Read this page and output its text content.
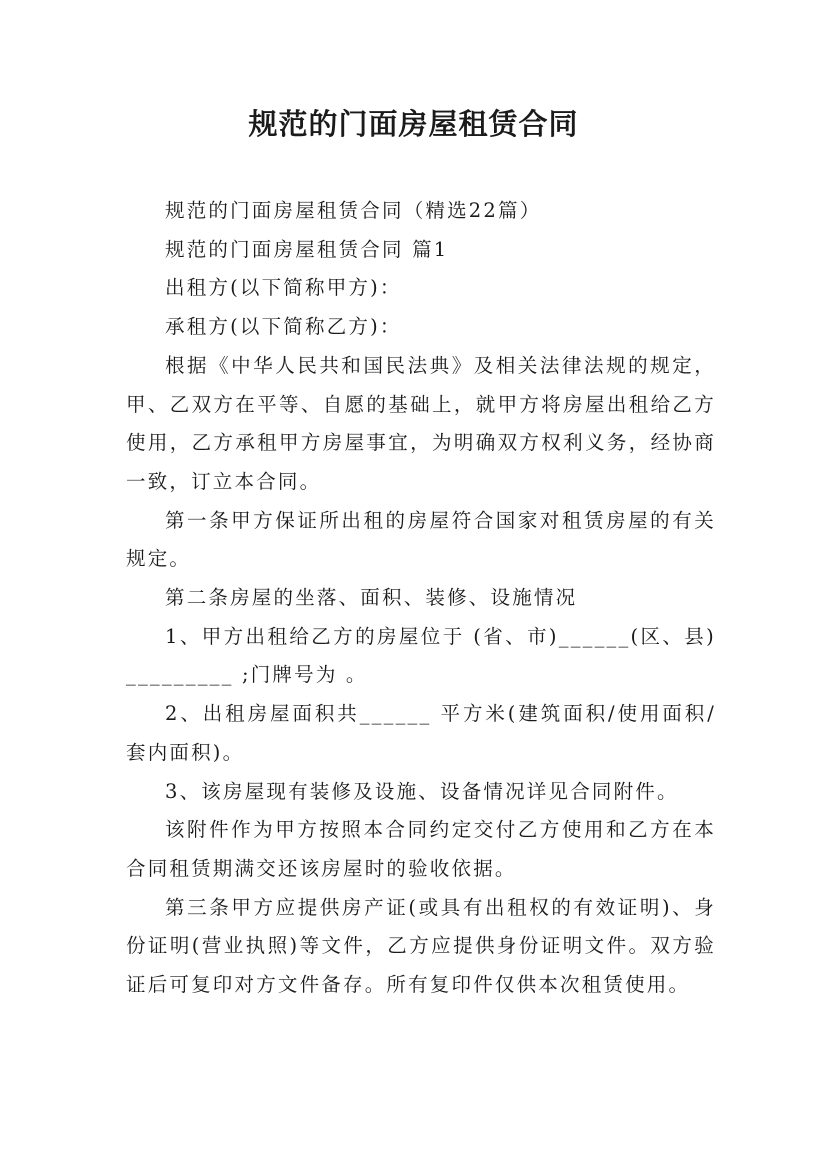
规范的门面房屋租赁合同

规范的门面房屋租赁合同（精选22篇）

规范的门面房屋租赁合同 篇1

出租方(以下简称甲方)：

承租方(以下简称乙方)：

根据《中华人民共和国民法典》及相关法律法规的规定，甲、乙双方在平等、自愿的基础上，就甲方将房屋出租给乙方使用，乙方承租甲方房屋事宜，为明确双方权利义务，经协商一致，订立本合同。

第一条甲方保证所出租的房屋符合国家对租赁房屋的有关规定。

第二条房屋的坐落、面积、装修、设施情况

1、甲方出租给乙方的房屋位于 (省、市)______(区、县)_________ ;门牌号为 。

2、出租房屋面积共______ 平方米(建筑面积/使用面积/套内面积)。

3、该房屋现有装修及设施、设备情况详见合同附件。

该附件作为甲方按照本合同约定交付乙方使用和乙方在本合同租赁期满交还该房屋时的验收依据。

第三条甲方应提供房产证(或具有出租权的有效证明)、身份证明(营业执照)等文件，乙方应提供身份证明文件。双方验证后可复印对方文件备存。所有复印件仅供本次租赁使用。
